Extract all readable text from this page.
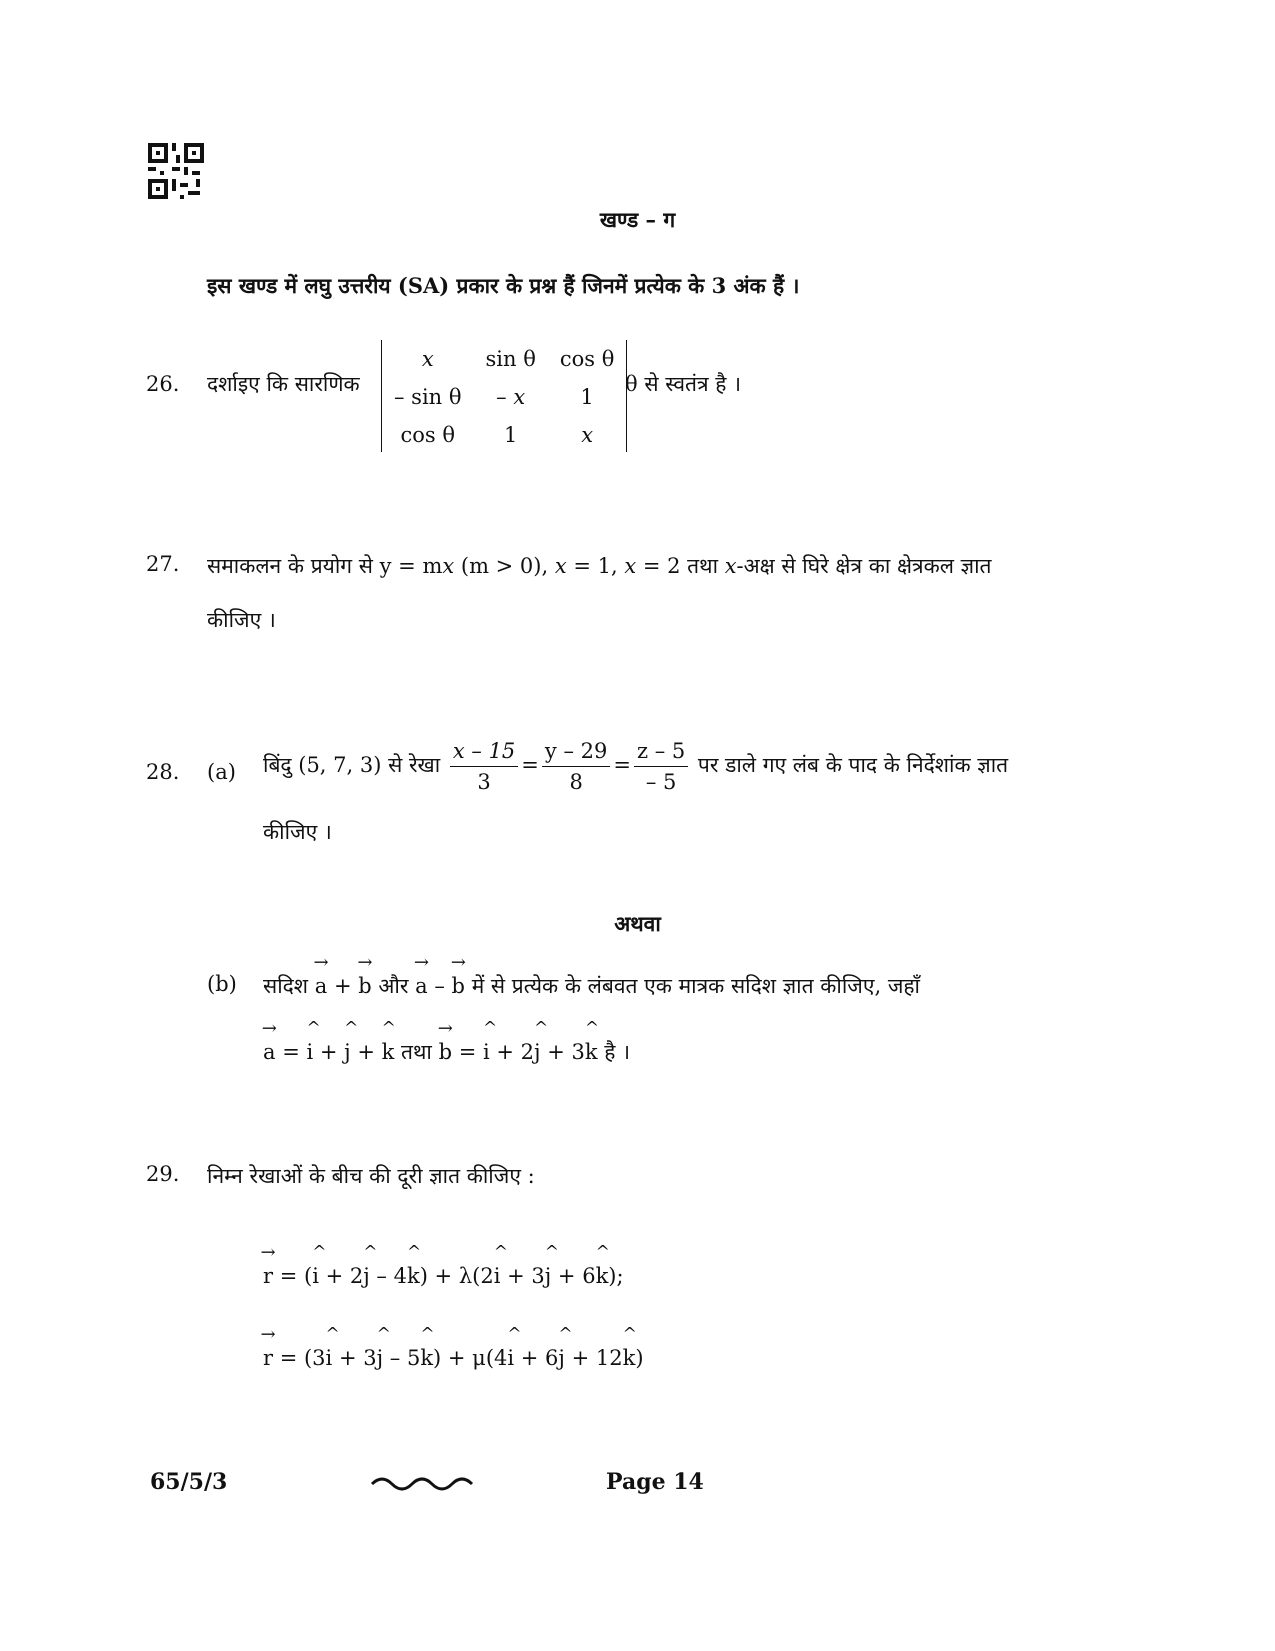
खण्ड – ग
इस खण्ड में लघु उत्तरीय (SA) प्रकार के प्रश्न हैं जिनमें प्रत्येक के 3 अंक हैं ।
26. दर्शाइए कि सारणिक
x	sin θ	cos θ
– sin θ	– x	1
cos θ	1	x
θ से स्वतंत्र है ।
27. समाकलन के प्रयोग से y = mx (m > 0), x = 1, x = 2 तथा x-अक्ष से घिरे क्षेत्र का क्षेत्रकल ज्ञात
कीजिए ।
28. (a) बिंदु (5, 7, 3) से रेखा $\frac{x - 15}{3} = \frac{y - 29}{8} = \frac{z - 5}{- 5}$ पर डाले गए लंब के पाद के निर्देशांक ज्ञात
कीजिए ।
अथवा
(b) सदिश
→
a +
→
b और
→
a –
→
b में से प्रत्येक के लंबवत एक मात्रक सदिश ज्ञात कीजिए, जहाँ
→
a =
^
i +
^
j +
^
k तथा
→
b =
^
i + 2
^
j + 3
^
k है ।
29. निम्न रेखाओं के बीच की दूरी ज्ञात कीजिए :
→
r = (
^
i + 2
^
j – 4
^
k) + λ(2
^
i + 3
^
j + 6
^
k);
→
r = (3
^
i + 3
^
j – 5
^
k) + μ(4
^
i + 6
^
j + 12
^
k)
65/5/3	Page 14
